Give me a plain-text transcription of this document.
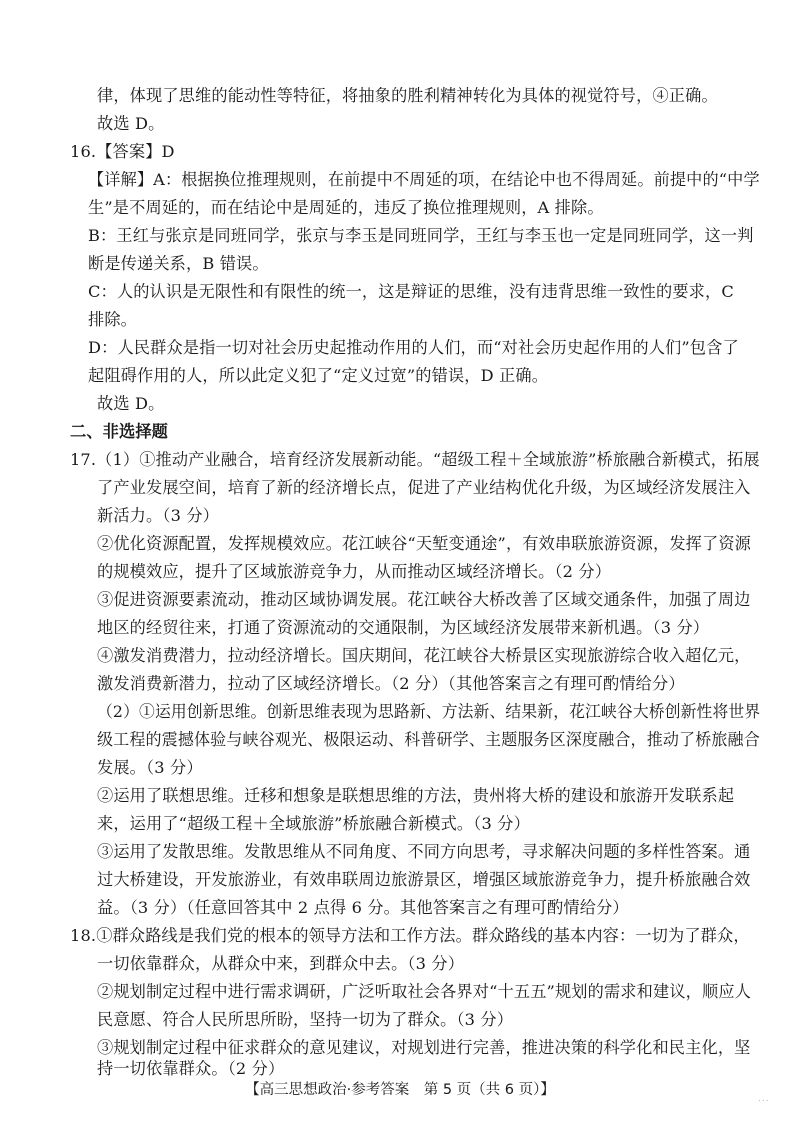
律，体现了思维的能动性等特征，将抽象的胜利精神转化为具体的视觉符号，④正确。
故选 D。
16.【答案】D
【详解】A：根据换位推理规则，在前提中不周延的项，在结论中也不得周延。前提中的“中学
生”是不周延的，而在结论中是周延的，违反了换位推理规则，A 排除。
B：王红与张京是同班同学，张京与李玉是同班同学，王红与李玉也一定是同班同学，这一判
断是传递关系，B 错误。
C：人的认识是无限性和有限性的统一，这是辩证的思维，没有违背思维一致性的要求，C
排除。
D：人民群众是指一切对社会历史起推动作用的人们，而“对社会历史起作用的人们”包含了
起阻碍作用的人，所以此定义犯了“定义过宽”的错误，D 正确。
故选 D。
二、非选择题
17.（1）①推动产业融合，培育经济发展新动能。“超级工程＋全域旅游”桥旅融合新模式，拓展
了产业发展空间，培育了新的经济增长点，促进了产业结构优化升级，为区域经济发展注入
新活力。（3 分）
②优化资源配置，发挥规模效应。花江峡谷“天堑变通途”，有效串联旅游资源，发挥了资源
的规模效应，提升了区域旅游竞争力，从而推动区域经济增长。（2 分）
③促进资源要素流动，推动区域协调发展。花江峡谷大桥改善了区域交通条件，加强了周边
地区的经贸往来，打通了资源流动的交通限制，为区域经济发展带来新机遇。（3 分）
④激发消费潜力，拉动经济增长。国庆期间，花江峡谷大桥景区实现旅游综合收入超亿元，
激发消费新潜力，拉动了区域经济增长。（2 分）（其他答案言之有理可酌情给分）
（2）①运用创新思维。创新思维表现为思路新、方法新、结果新，花江峡谷大桥创新性将世界
级工程的震撼体验与峡谷观光、极限运动、科普研学、主题服务区深度融合，推动了桥旅融合
发展。（3 分）
②运用了联想思维。迁移和想象是联想思维的方法，贵州将大桥的建设和旅游开发联系起
来，运用了“超级工程＋全域旅游”桥旅融合新模式。（3 分）
③运用了发散思维。发散思维从不同角度、不同方向思考，寻求解决问题的多样性答案。通
过大桥建设，开发旅游业，有效串联周边旅游景区，增强区域旅游竞争力，提升桥旅融合效
益。（3 分）（任意回答其中 2 点得 6 分。其他答案言之有理可酌情给分）
18.①群众路线是我们党的根本的领导方法和工作方法。群众路线的基本内容：一切为了群众，
一切依靠群众，从群众中来，到群众中去。（3 分）
②规划制定过程中进行需求调研，广泛听取社会各界对“十五五”规划的需求和建议，顺应人
民意愿、符合人民所思所盼，坚持一切为了群众。（3 分）
③规划制定过程中征求群众的意见建议，对规划进行完善，推进决策的科学化和民主化，坚
【高三思想政治·参考答案　第 5 页（共 6 页）】
...
持一切依靠群众。（2 分）
